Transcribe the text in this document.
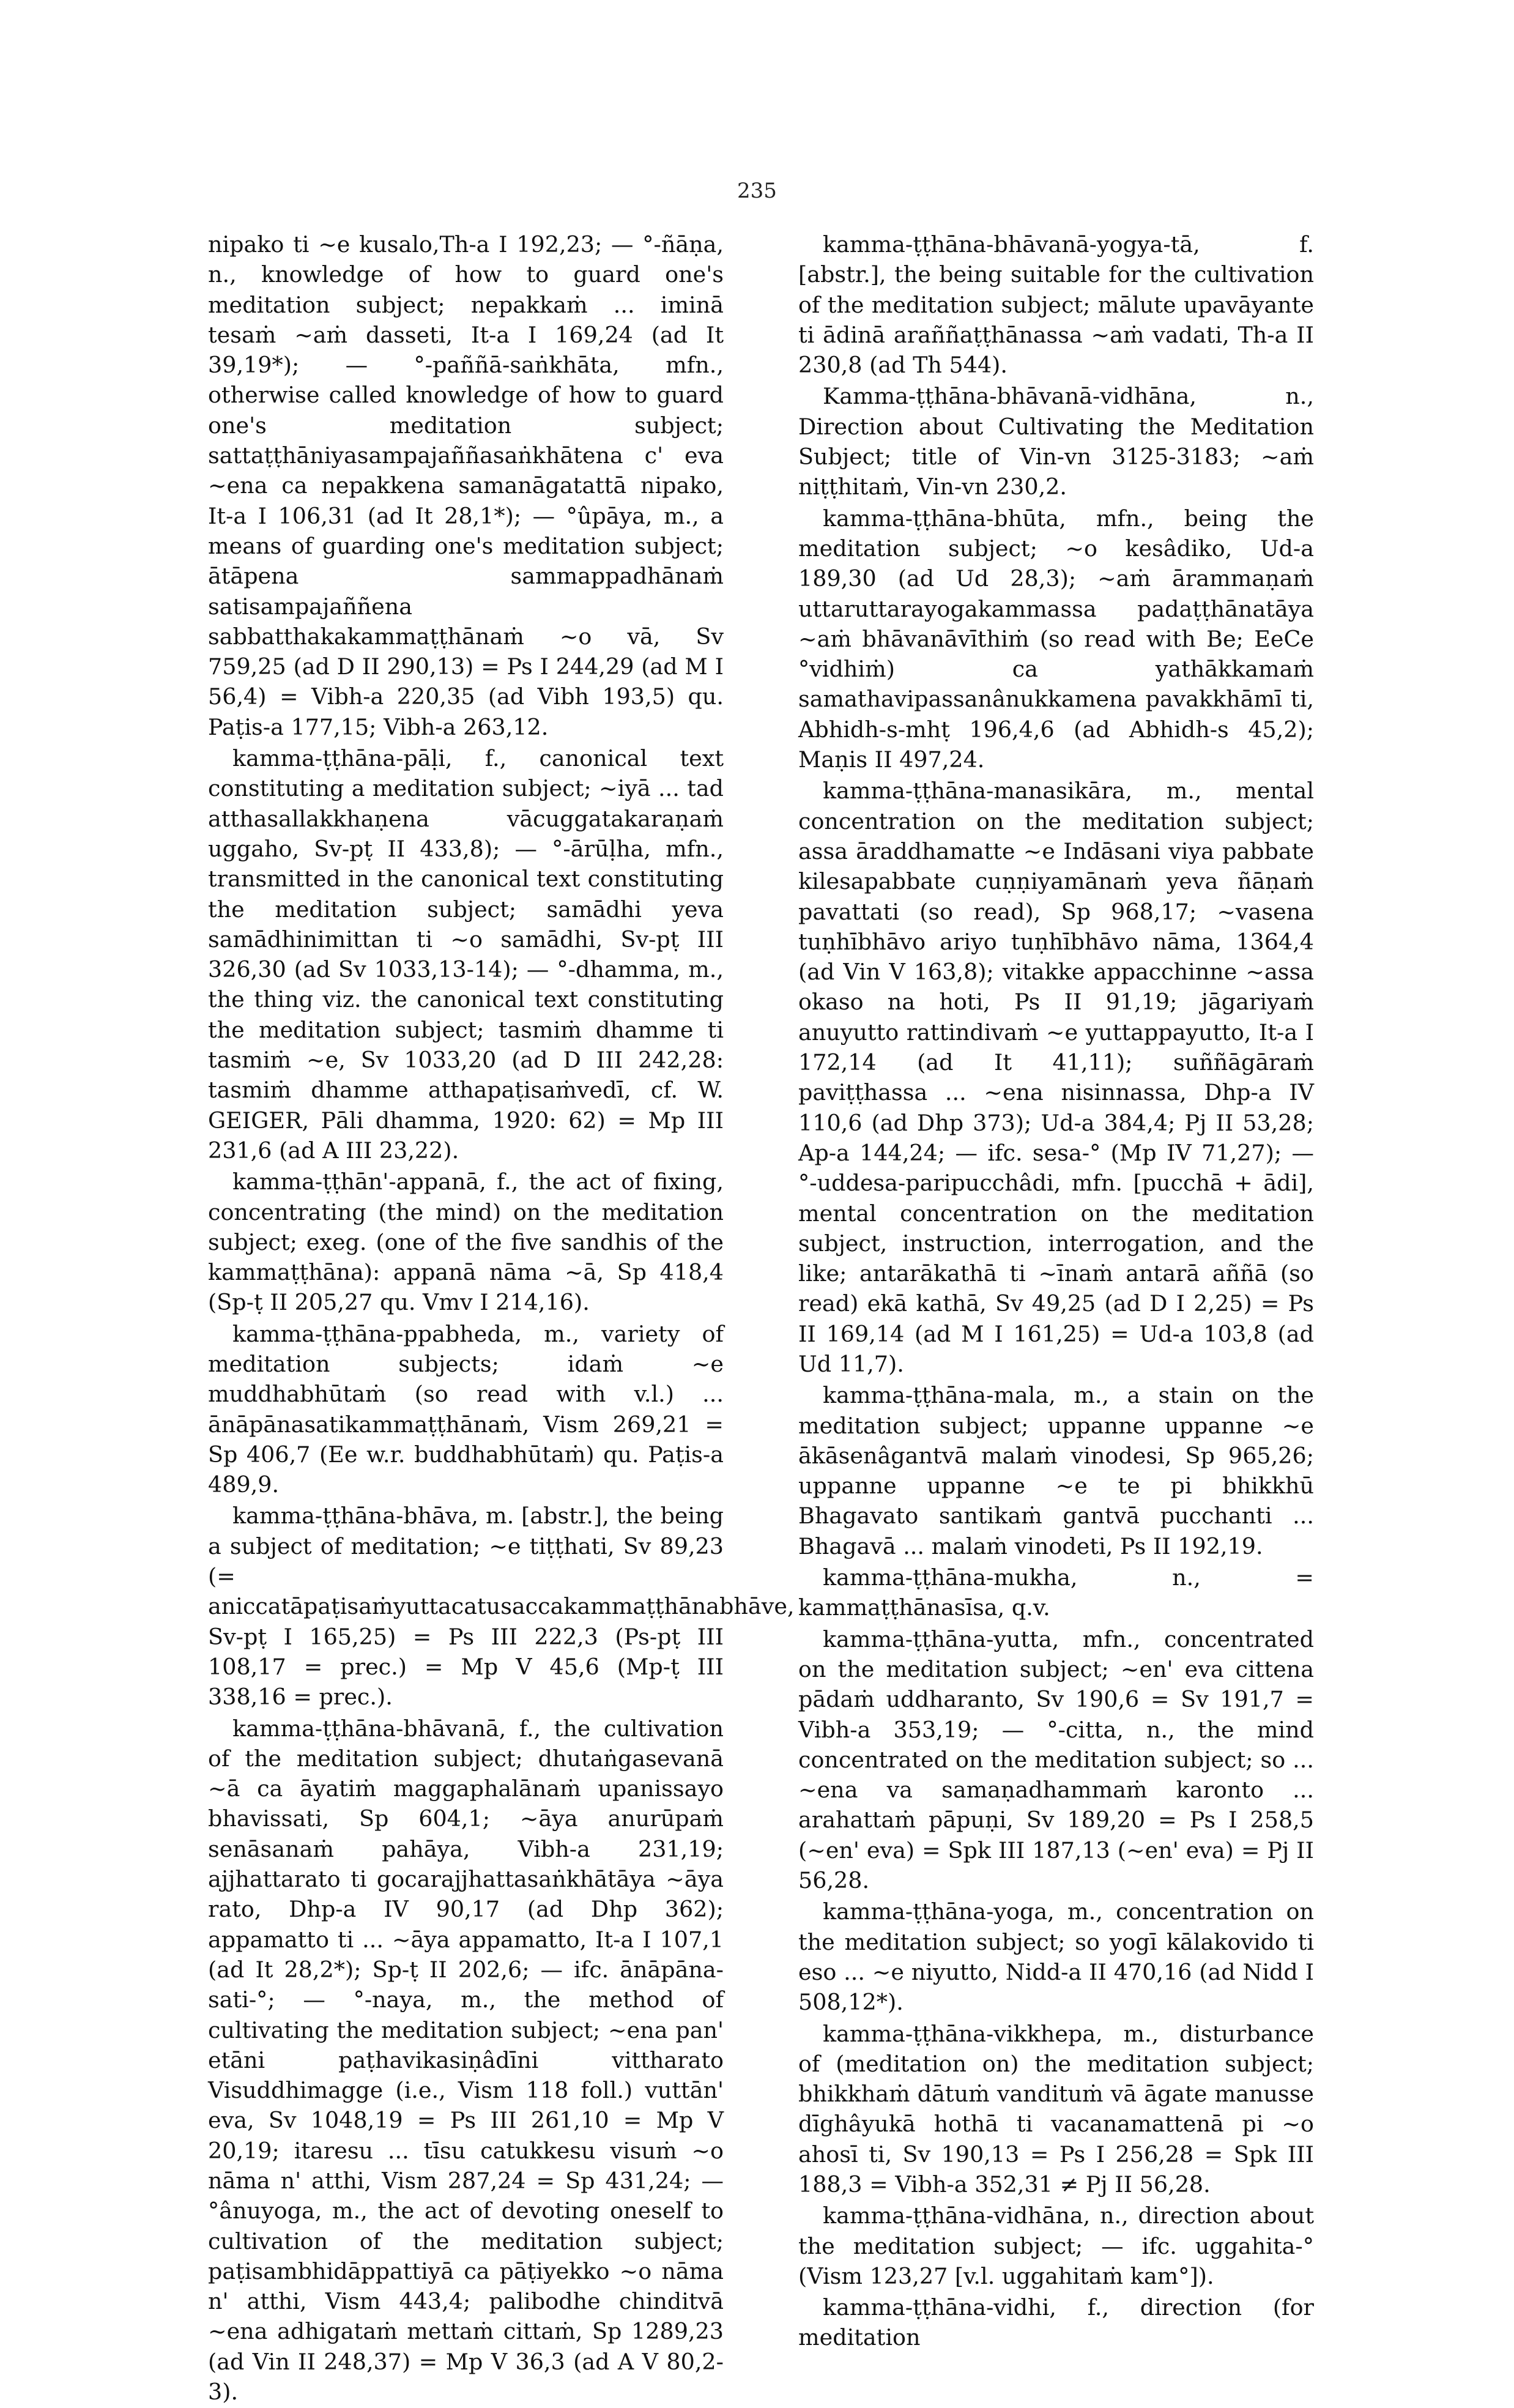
235

nipako ti ~e kusalo,Th-a I 192,23; — °-ñāṇa, n., knowledge of how to guard one's meditation subject; nepakkaṁ ... iminā tesaṁ ~aṁ dasseti, It-a I 169,24 (ad It 39,19*); — °-paññā-saṅkhāta, mfn., otherwise called knowledge of how to guard one's meditation subject; sattaṭṭhāniyasampajaññasaṅkhātena c' eva ~ena ca nepakkena samanāgatattā nipako, It-a I 106,31 (ad It 28,1*); — °ûpāya, m., a means of guarding one's meditation subject; ātāpena sammappadhānaṁ satisampajaññena sabbatthakakammaṭṭhānaṁ ~o vā, Sv 759,25 (ad D II 290,13) = Ps I 244,29 (ad M I 56,4) = Vibh-a 220,35 (ad Vibh 193,5) qu. Paṭis-a 177,15; Vibh-a 263,12.

kamma-ṭṭhāna-pāḷi, f., canonical text constituting a meditation subject; ~iyā ... tad atthasallakkhaṇena vācuggatakaraṇaṁ uggaho, Sv-pṭ II 433,8); — °-ārūḷha, mfn., transmitted in the canonical text constituting the meditation subject; samādhi yeva samādhinimittan ti ~o samādhi, Sv-pṭ III 326,30 (ad Sv 1033,13-14); — °-dhamma, m., the thing viz. the canonical text constituting the meditation subject; tasmiṁ dhamme ti tasmiṁ ~e, Sv 1033,20 (ad D III 242,28: tasmiṁ dhamme atthapaṭisaṁvedī, cf. W. GEIGER, Pāli dhamma, 1920: 62) = Mp III 231,6 (ad A III 23,22).

kamma-ṭṭhān'-appanā, f., the act of fixing, concentrating (the mind) on the meditation subject; exeg. (one of the five sandhis of the kammaṭṭhāna): appanā nāma ~ā, Sp 418,4 (Sp-ṭ II 205,27 qu. Vmv I 214,16).

kamma-ṭṭhāna-ppabheda, m., variety of meditation subjects; idaṁ ~e muddhabhūtaṁ (so read with v.l.) ... ānāpānasatikammaṭṭhānaṁ, Vism 269,21 = Sp 406,7 (Ee w.r. buddhabhūtaṁ) qu. Paṭis-a 489,9.

kamma-ṭṭhāna-bhāva, m. [abstr.], the being a subject of meditation; ~e tiṭṭhati, Sv 89,23 (= aniccatāpaṭisaṁyuttacatusaccakammaṭṭhānabhāve, Sv-pṭ I 165,25) = Ps III 222,3 (Ps-pṭ III 108,17 = prec.) = Mp V 45,6 (Mp-ṭ III 338,16 = prec.).

kamma-ṭṭhāna-bhāvanā, f., the cultivation of the meditation subject; dhutaṅgasevanā ~ā ca āyatiṁ maggaphalānaṁ upanissayo bhavissati, Sp 604,1; ~āya anurūpaṁ senāsanaṁ pahāya, Vibh-a 231,19; ajjhattarato ti gocarajjhattasaṅkhātāya ~āya rato, Dhp-a IV 90,17 (ad Dhp 362); appamatto ti ... ~āya appamatto, It-a I 107,1 (ad It 28,2*); Sp-ṭ II 202,6; — ifc. ānāpāna-sati-°; — °-naya, m., the method of cultivating the meditation subject; ~ena pan' etāni paṭhavikasiṇâdīni vittharato Visuddhimagge (i.e., Vism 118 foll.) vuttān' eva, Sv 1048,19 = Ps III 261,10 = Mp V 20,19; itaresu ... tīsu catukkesu visuṁ ~o nāma n' atthi, Vism 287,24 = Sp 431,24; — °ânuyoga, m., the act of devoting oneself to cultivation of the meditation subject; paṭisambhidāppattiyā ca pāṭiyekko ~o nāma n' atthi, Vism 443,4; palibodhe chinditvā ~ena adhigataṁ mettaṁ cittaṁ, Sp 1289,23 (ad Vin II 248,37) = Mp V 36,3 (ad A V 80,2-3).

kamma-ṭṭhāna-bhāvanā-yogya-tā, f. [abstr.], the being suitable for the cultivation of the meditation subject; mālute upavāyante ti ādinā araññaṭṭhānassa ~aṁ vadati, Th-a II 230,8 (ad Th 544).

Kamma-ṭṭhāna-bhāvanā-vidhāna, n., Direction about Cultivating the Meditation Subject; title of Vin-vn 3125-3183; ~aṁ niṭṭhitaṁ, Vin-vn 230,2.

kamma-ṭṭhāna-bhūta, mfn., being the meditation subject; ~o kesâdiko, Ud-a 189,30 (ad Ud 28,3); ~aṁ ārammaṇaṁ uttaruttarayogakammassa padaṭṭhānatāya ~aṁ bhāvanāvīthiṁ (so read with Be; EeCe °vidhiṁ) ca yathākkamaṁ samathavipassanânukkamena pavakkhāmī ti, Abhidh-s-mhṭ 196,4,6 (ad Abhidh-s 45,2); Maṇis II 497,24.

kamma-ṭṭhāna-manasikāra, m., mental concentration on the meditation subject; assa āraddhamatte ~e Indāsani viya pabbate kilesapabbate cuṇṇiyamānaṁ yeva ñāṇaṁ pavattati (so read), Sp 968,17; ~vasena tuṇhībhāvo ariyo tuṇhībhāvo nāma, 1364,4 (ad Vin V 163,8); vitakke appacchinne ~assa okaso na hoti, Ps II 91,19; jāgariyaṁ anuyutto rattindivaṁ ~e yuttappayutto, It-a I 172,14 (ad It 41,11); suññāgāraṁ paviṭṭhassa ... ~ena nisinnassa, Dhp-a IV 110,6 (ad Dhp 373); Ud-a 384,4; Pj II 53,28; Ap-a 144,24; — ifc. sesa-° (Mp IV 71,27); — °-uddesa-paripucchâdi, mfn. [pucchā + ādi], mental concentration on the meditation subject, instruction, interrogation, and the like; antarākathā ti ~īnaṁ antarā aññā (so read) ekā kathā, Sv 49,25 (ad D I 2,25) = Ps II 169,14 (ad M I 161,25) = Ud-a 103,8 (ad Ud 11,7).

kamma-ṭṭhāna-mala, m., a stain on the meditation subject; uppanne uppanne ~e ākāsenâgantvā malaṁ vinodesi, Sp 965,26; uppanne uppanne ~e te pi bhikkhū Bhagavato santikaṁ gantvā pucchanti ... Bhagavā ... malaṁ vinodeti, Ps II 192,19.

kamma-ṭṭhāna-mukha, n., = kammaṭṭhānasīsa, q.v.

kamma-ṭṭhāna-yutta, mfn., concentrated on the meditation subject; ~en' eva cittena pādaṁ uddharanto, Sv 190,6 = Sv 191,7 = Vibh-a 353,19; — °-citta, n., the mind concentrated on the meditation subject; so ... ~ena va samaṇadhammaṁ karonto ... arahattaṁ pāpuṇi, Sv 189,20 = Ps I 258,5 (~en' eva) = Spk III 187,13 (~en' eva) = Pj II 56,28.

kamma-ṭṭhāna-yoga, m., concentration on the meditation subject; so yogī kālakovido ti eso ... ~e niyutto, Nidd-a II 470,16 (ad Nidd I 508,12*).

kamma-ṭṭhāna-vikkhepa, m., disturbance of (meditation on) the meditation subject; bhikkhaṁ dātuṁ vandituṁ vā āgate manusse dīghâyukā hothā ti vacanamattenā pi ~o ahosī ti, Sv 190,13 = Ps I 256,28 = Spk III 188,3 = Vibh-a 352,31 ≠ Pj II 56,28.

kamma-ṭṭhāna-vidhāna, n., direction about the meditation subject; — ifc. uggahita-° (Vism 123,27 [v.l. uggahitaṁ kam°]).

kamma-ṭṭhāna-vidhi, f., direction (for meditation
